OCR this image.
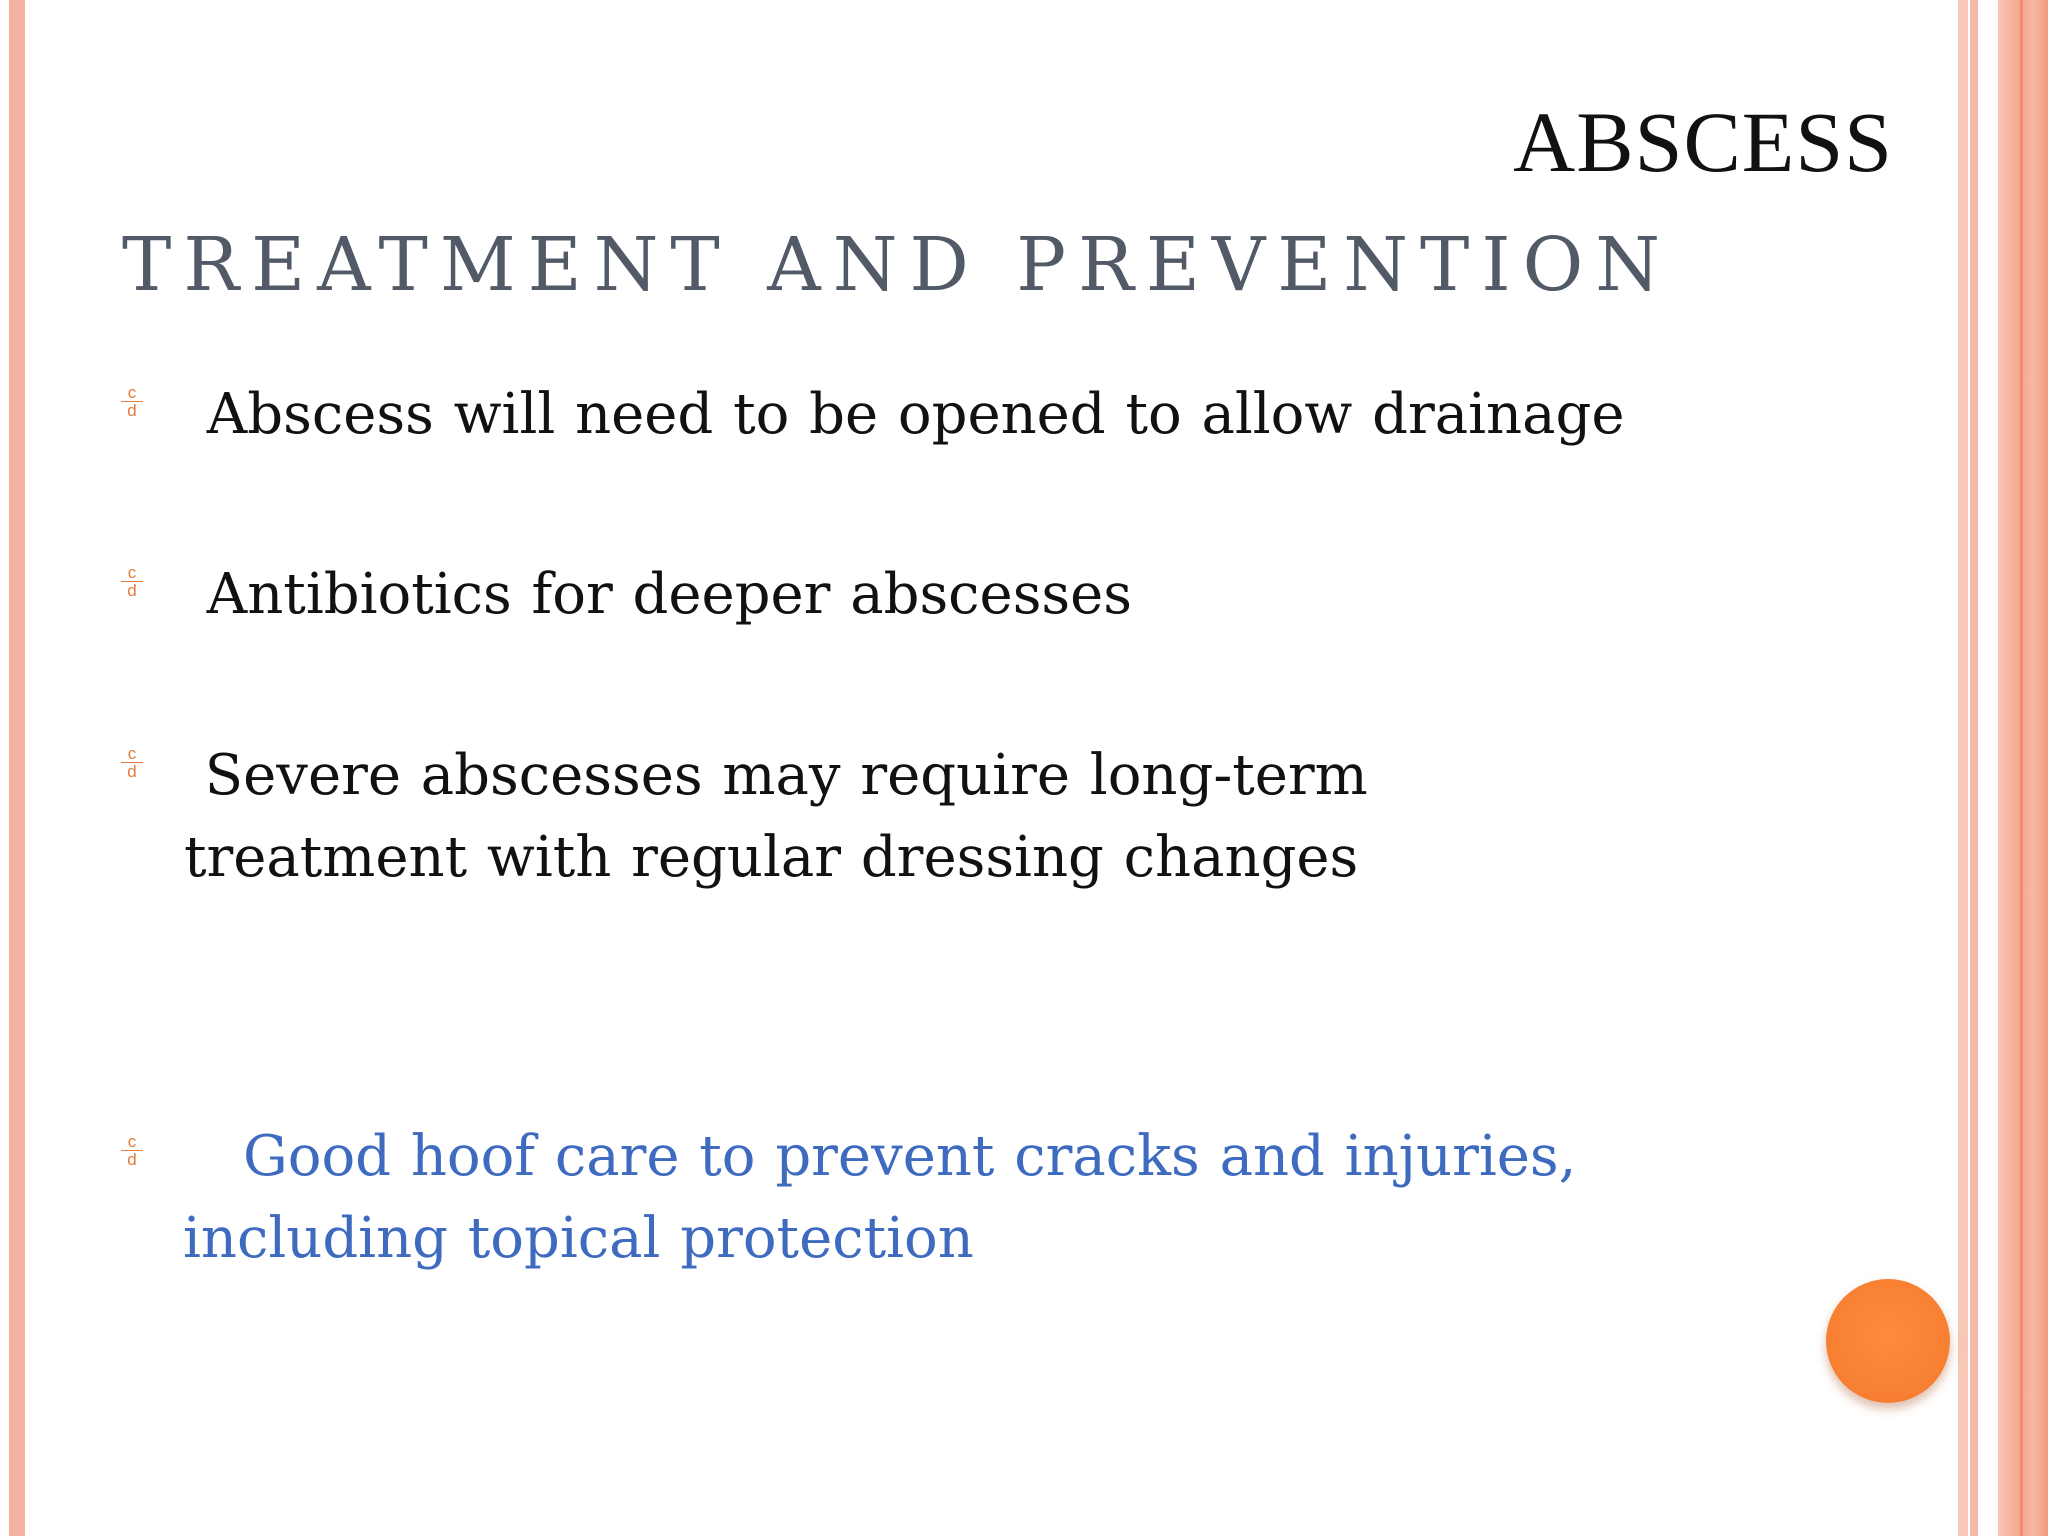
ABSCESS
TREATMENT AND PREVENTION
$\frac{c}{d}$ Abscess will need to be opened to allow drainage
$\frac{c}{d}$ Antibiotics for deeper abscesses
$\frac{c}{d}$ Severe abscesses may require long-term
treatment with regular dressing changes
$\frac{c}{d}$ Good hoof care to prevent cracks and injuries,
including topical protection
